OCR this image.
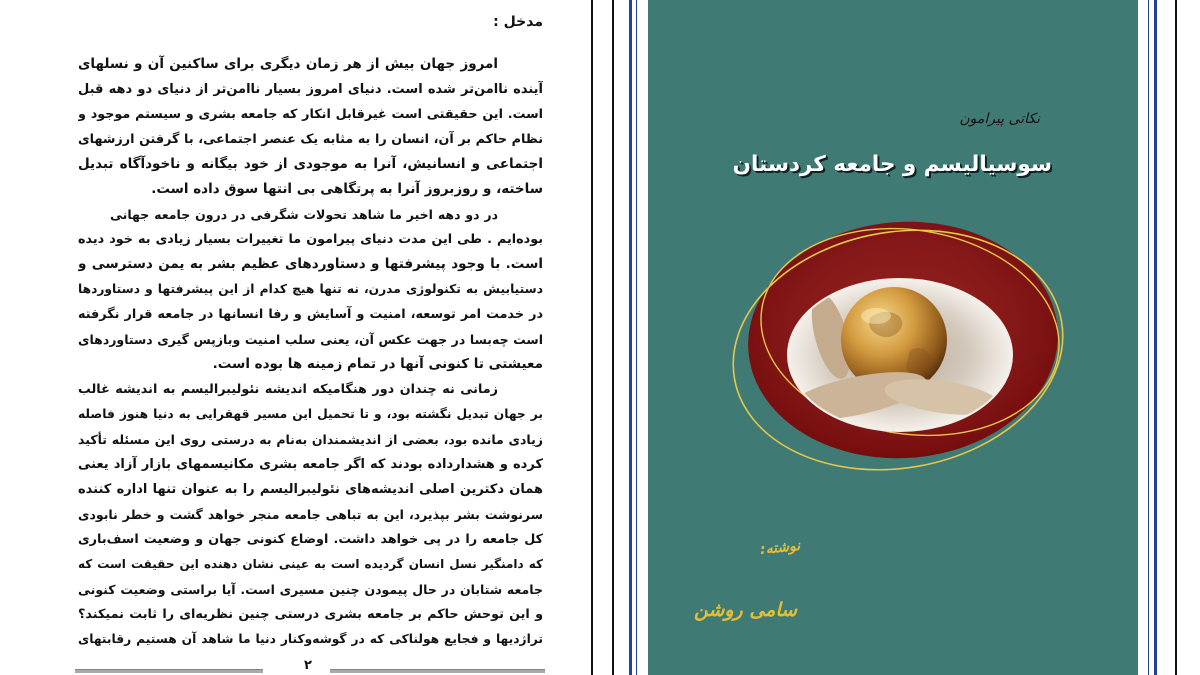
مدخل :
امروز جهان بیش از هر زمان دیگری برای ساکنین آن و نسلهای
آینده ناامن‌تر شده است. دنیای امروز بسیار ناامن‌تر از دنیای دو دهه قبل
است. این حقیقتی است غیرقابل انکار که جامعه بشری و سیستم موجود و
نظام حاکم بر آن، انسان را به مثابه یک عنصر اجتماعی، با گرفتن ارزشهای
اجتماعی و انسانیش، آنرا به موجودی از خود بیگانه و ناخودآگاه تبدیل
ساخته، و روزبروز آنرا به پرتگاهی بی انتها سوق داده است.
در دو دهه اخیر ما شاهد تحولات شگرفی در درون جامعه جهانی
بوده‌ایم . طی این مدت دنیای پیرامون ما تغییرات بسیار زیادی به خود دیده
است. با وجود پیشرفتها و دستاوردهای عظیم بشر به یمن دسترسی و
دستیابیش به تکنولوژی مدرن، نه تنها هیچ کدام از این پیشرفتها و دستاوردها
در خدمت امر توسعه، امنیت و آسایش و رفا انسانها در جامعه قرار نگرفته
است چه‌بسا در جهت عکس آن، یعنی سلب امنیت وبازپس گیری دستاوردهای
معیشتی تا کنونی آنها در تمام زمینه ها بوده است.
زمانی نه چندان دور هنگامیکه اندیشه نئولیبرالیسم به اندیشه غالب
بر جهان تبدیل نگشته بود، و تا تحمیل این مسیر قهقرایی به دنیا هنوز فاصله
زیادی مانده بود، بعضی از اندیشمندان به‌نام به درستی روی این مسئله تأکید
کرده و هشدارداده بودند که اگر جامعه بشری مکانیسمهای بازار آزاد یعنی
همان دکترین اصلی اندیشه‌های نئولیبرالیسم را به عنوان تنها اداره کننده
سرنوشت بشر بپذیرد، این به تباهی جامعه منجر خواهد گشت و خطر نابودی
کل جامعه را در پی خواهد داشت. اوضاع کنونی جهان و وضعیت اسف‌باری
که دامنگیر نسل انسان گردیده است به عینی نشان دهنده این حقیقت است که
جامعه شتابان در حال پیمودن چنین مسیری است. آیا براستی وضعیت کنونی
و این توحش حاکم بر جامعه بشری درستی چنین نظریه‌ای را ثابت نمیکند؟
تراژدیها و فجایع هولناکی که در گوشه‌وکنار دنیا ما شاهد آن هستیم رقابتهای
۲
نکاتی پیرامون
سوسیالیسم و جامعه کردستان
نوشته:
سامی روشن
